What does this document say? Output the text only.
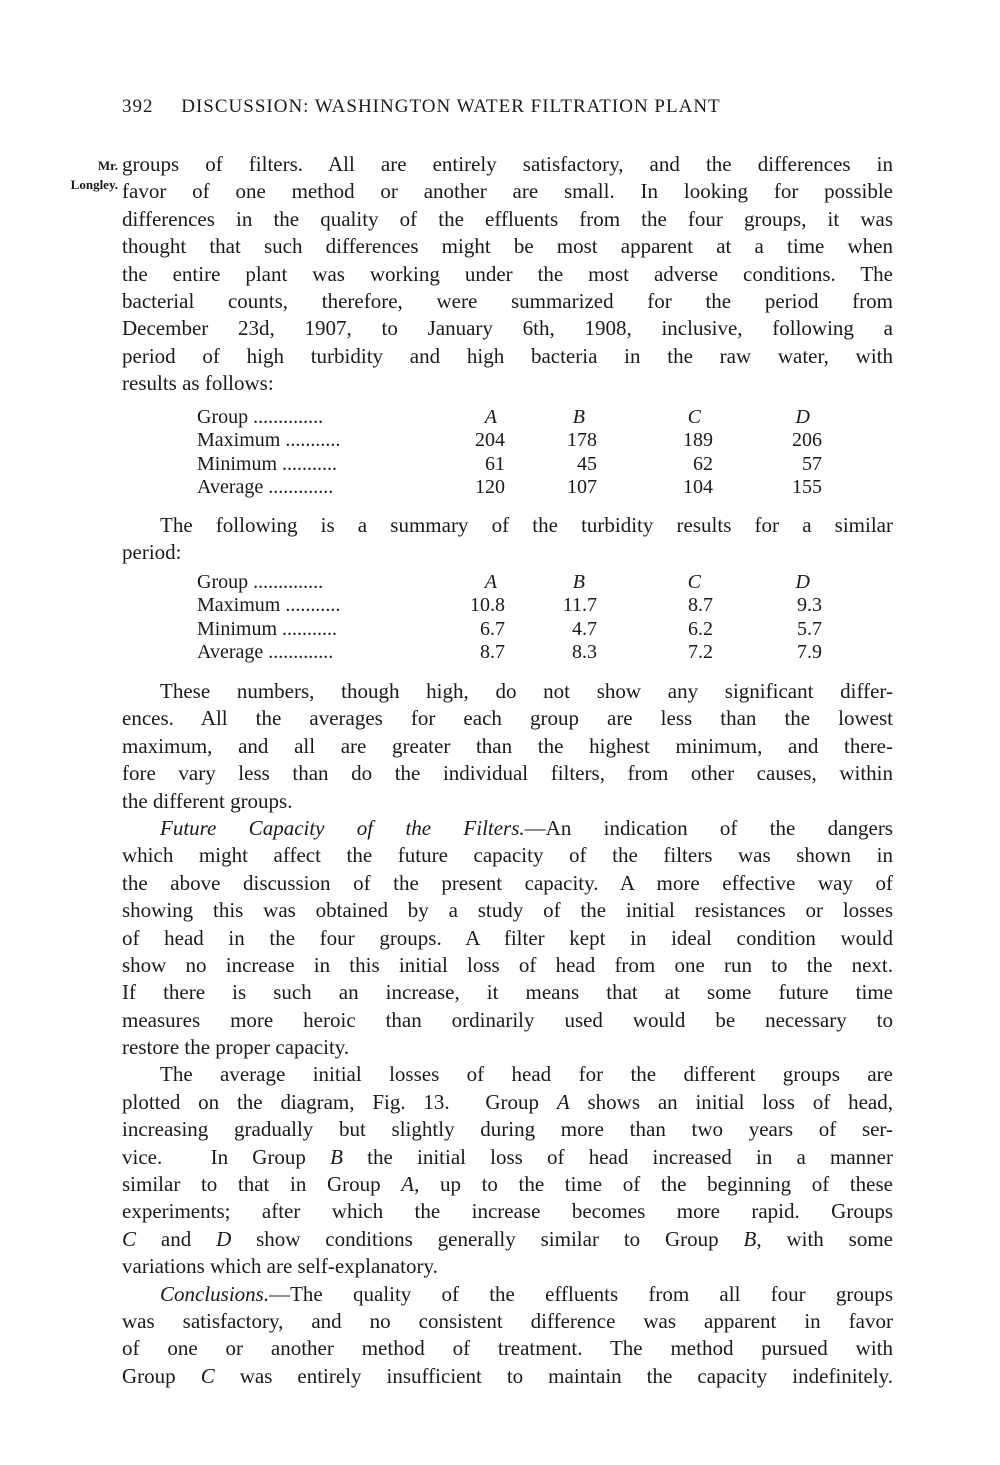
392 DISCUSSION: WASHINGTON WATER FILTRATION PLANT
Mr.
Longley.
groups of filters. All are entirely satisfactory, and the differences in
favor of one method or another are small. In looking for possible
differences in the quality of the effluents from the four groups, it was
thought that such differences might be most apparent at a time when
the entire plant was working under the most adverse conditions. The
bacterial counts, therefore, were summarized for the period from
December 23d, 1907, to January 6th, 1908, inclusive, following a
period of high turbidity and high bacteria in the raw water, with
results as follows:
Group ..............	A	B	C	D
Maximum ...........	204	178	189	206
Minimum ...........	61	45	62	57
Average .............	120	107	104	155
The following is a summary of the turbidity results for a similar
period:
Group ..............	A	B	C	D
Maximum ...........	10.8	11.7	8.7	9.3
Minimum ...........	6.7	4.7	6.2	5.7
Average .............	8.7	8.3	7.2	7.9
These numbers, though high, do not show any significant differ-
ences. All the averages for each group are less than the lowest
maximum, and all are greater than the highest minimum, and there-
fore vary less than do the individual filters, from other causes, within
the different groups.
Future Capacity of the Filters.—An indication of the dangers
which might affect the future capacity of the filters was shown in
the above discussion of the present capacity. A more effective way of
showing this was obtained by a study of the initial resistances or losses
of head in the four groups. A filter kept in ideal condition would
show no increase in this initial loss of head from one run to the next.
If there is such an increase, it means that at some future time
measures more heroic than ordinarily used would be necessary to
restore the proper capacity.
The average initial losses of head for the different groups are
plotted on the diagram, Fig. 13.  Group A shows an initial loss of head,
increasing gradually but slightly during more than two years of ser-
vice.  In Group B the initial loss of head increased in a manner
similar to that in Group A, up to the time of the beginning of these
experiments; after which the increase becomes more rapid. Groups
C and D show conditions generally similar to Group B, with some
variations which are self-explanatory.
Conclusions.—The quality of the effluents from all four groups
was satisfactory, and no consistent difference was apparent in favor
of one or another method of treatment. The method pursued with
Group C was entirely insufficient to maintain the capacity indefinitely.
